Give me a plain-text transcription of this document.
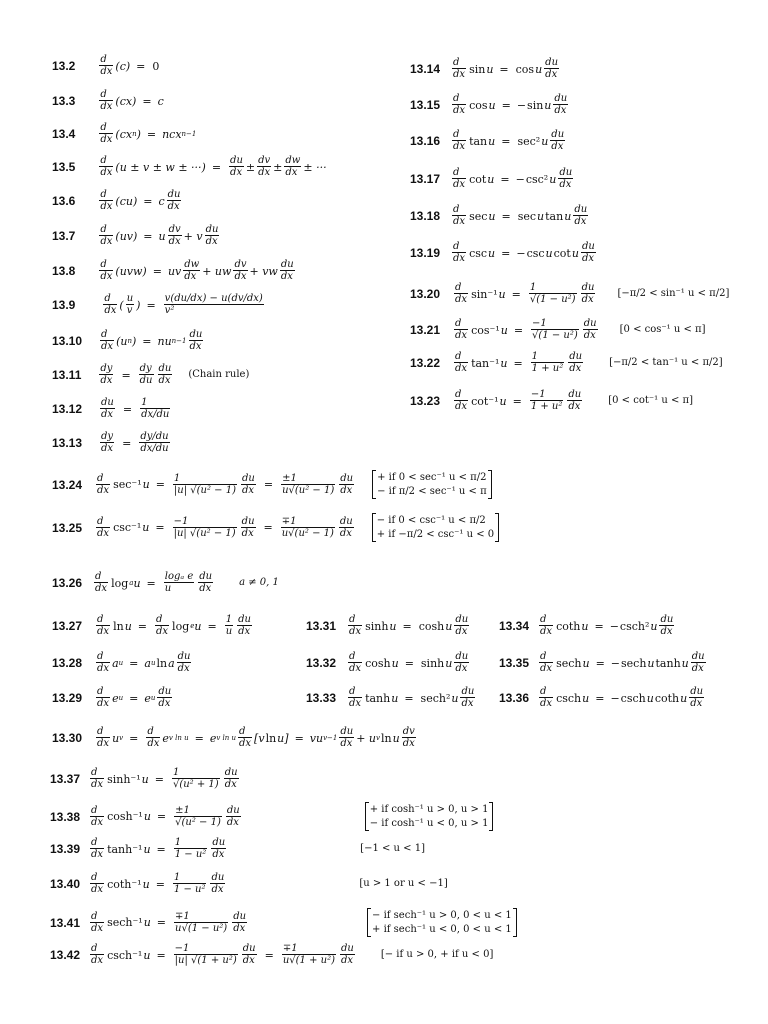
$13.2 \frac{d}{dx} (c) = 0$
$13.3 \frac{d}{dx} (cx) = c$
13.4	d
dx (cx n ) = ncx n−1
$13.5 \frac{d}{dx} (u \pm v \pm w$ ± ···) = $\frac{du}{dx}$ ± dv
dx ± dw
dx ± ···
$13.6 \frac{d}{dx} (cu) = c \frac{du}{dx}$
$13.7 \frac{d}{dx} (uv) = u \frac{dv}{dx} + v$ du
dx
$13.8 \frac{d}{dx} (uvw)$ = uv $\frac{dw}{dx}$ + uw dv
dx + vw du
dx
13.9	d
dx ( $\frac{u}{v}$ ) = $\frac{v(du/dx) - u(dv/dx)}{\text{v²}}$
13.10 d
dx (u n ) = nu n−1
du
dx
$13.11 \frac{dy}{dx} = \frac{dy}{du}$ du
dx
(Chain rule)
$13.12 \frac{du}{dx} = \frac{1}{dx/du}$
$13.13 \frac{dy}{dx} = \frac{dy/du}{dx/du}$
13.14 d
dx sin u = cos u du
dx
13.15 d
dx cos u = − sin u du
dx
13.16 d
dx tan u = sec² u du
dx
13.17 d
dx cot u = − csc² u du
dx
13.18 d
dx sec u = sec u tan u du
dx
13.19 d
dx csc u = − csc u cot u du
dx
13.20 d
dx sin⁻¹ $u = \frac{1}{\text{√(1 − u²)}}$ du
dx
[−π/2 < sin⁻¹ u < π/2]
13.21 d
dx cos⁻¹ $u = \frac{-1}{\text{√(1 − u²)}}$ du
dx
[0 < cos⁻¹ u < π]
13.22 d
dx tan⁻¹ $u = \frac{1}{\text{1 + u²}}$ du
dx
[−π/2 < tan⁻¹ u < π/2]
13.23 d
dx cot⁻¹ $u = \frac{-1}{\text{1 + u²}}$ du
dx
[0 < cot⁻¹ u < π]
13.24 d
dx sec⁻¹ $u = \frac{1}{\text{|u| √(u² − 1)}} \frac{du}{dx} = \frac{\pm 1}{\text{u√(u² − 1)}}$ du
dx
+ if 0 < sec⁻¹ u < π/2
− if π/2 < sec⁻¹ u < π
13.25 d
dx csc⁻¹ $u = \frac{-1}{\text{|u| √(u² − 1)}} \frac{du}{dx} = \frac{\mp 1}{\text{u√(u² − 1)}}$ du
dx
− if 0 < csc⁻¹ u < π/2
+ if −π/2 < csc⁻¹ u < 0
13.26 d
dx log a $u = \frac{\text{logₐ e}}{u}$ du
dx
a ≠ 0, 1
13.27 d
dx $\ln u = \frac{d}{dx}$ log e $u = \frac{1}{u}$ du
dx
13.28 d
dx a u = a u ln a du
dx
13.29 d
dx e u = e u
du
dx
13.30 d
dx u $v = \frac{d}{dx}$ e v ln u = e v ln u
d
dx [v ln u] = vu v−1
du
dx + u v ln u dv
dx
13.31 d
dx sinh u = cosh u du
dx
13.32 d
dx cosh u = sinh u du
dx
13.33 d
dx tanh u = sech² u du
dx
13.34 d
dx coth u = − csch² u du
dx
13.35 d
dx sech u = − sech u tanh u du
dx
13.36 d
dx csch u = − csch u coth u du
dx
13.37 d
dx sinh⁻¹ $u = \frac{1}{\text{√(u² + 1)}}$ du
dx
13.38 d
dx cosh⁻¹ $u = \frac{\pm 1}{\text{√(u² − 1)}}$ du
dx
+ if cosh⁻¹ u > 0, u > 1
− if cosh⁻¹ u < 0, u > 1
13.39 d
dx tanh⁻¹ $u = \frac{1}{\text{1 − u²}}$ du
dx
[−1 < u < 1]
13.40 d
dx coth⁻¹ $u = \frac{1}{\text{1 − u²}}$ du
dx
[u > 1 or u < −1]
13.41 d
dx sech⁻¹ $u = \frac{\mp 1}{\text{u√(1 − u²)}}$ du
dx
− if sech⁻¹ u > 0, 0 < u < 1
+ if sech⁻¹ u < 0, 0 < u < 1
13.42 d
dx csch⁻¹ $u = \frac{-1}{\text{|u| √(1 + u²)}} \frac{du}{dx} = \frac{\mp 1}{\text{u√(1 + u²)}}$ du
dx
[− if u > 0, + if u < 0]
